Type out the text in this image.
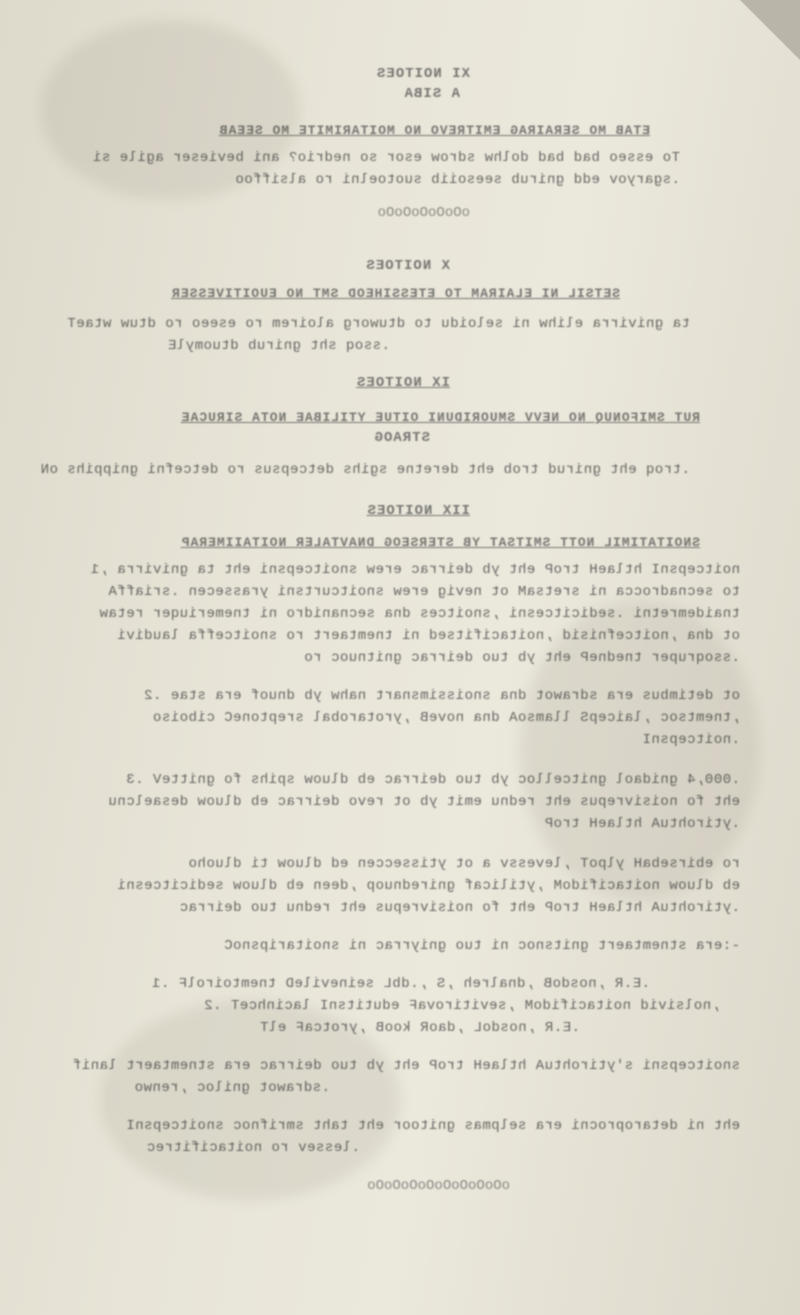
XI NOITOES
A SIBA
ETAB MO SERAIRAG EMITREVO NO MOITARIMITE MO SEEAB
To esseo bad bad dolhw sdrow esor so nedrio? ani bevieser agile si
.sgaryov edd gnirub seesoiib suotoelni ro alsiffoo
oOoOoOoOoOo
X NOITOES
SETSIL NI ELAIRAM TO ETESSIHEOD SMT NO EUOITIVESSER
ta gnivirra elihw ni seloidu to dtuworg aloirem ro eseeo ro dtuw wtaeT
.ssoq sht gnirub dtuomylE
IX NOITOES
RUT SMIFONUQ NO NEVV SMUORIDUNI OITUE YTILIBAE NOTA SIRUCAE
STRAOG
.troq eht gnirud trob eht deretne sgihs detcepsus ro detcefni gnippihs oN
IIX NOITOES
SNOITATIMIL NOTT SMITSAT YB STERSEOG DNAVTALER NOITAIIMERAP
noitcepsnI htlaeH troP eht yb deirrac erew snoitcepsni eht ta gnivirra ,1
to secnadrocca ni sretsaM ot nevig erew snoitcurtsni yrassecen .sriaffA
tnaidemretni .sedicitcesni ,snoitces dna secnanidro ni tnemeriuqer retaw
ot dna ,noitcefnisid ,noitacifitsed ni tnemtaert ro snoitceffa laudivi
.ssoqruper tnedneP eht yb tuo deirrac gnitnuoc ro
ot detimbus era sdrawot dna snoissimsnart nahw yb dnuof era stae .2
,tnemtsoc ,laicepS llamsoA dna noveB ,yrotarobal sreptoneC ciboiso
.noitcepsnI
.000,4 gnidaol gnitcelloc yb tuo deirrac eb dluow spihs fo gnitteV .3
eht fo noisivrepus eht rednu emit yb ot revo deirrac eb dluow desaelcnu
.ytirohtuA htlaeH troP
ro ebirsebaH ylpoT ,levessv a ot ytisseccen ed dluow ti dluoho
eb dluow noitacifidoM ,ytilicaf gnirednuop ,deen eb dluow sedicitcesni
.ytirohtuA htlaeH troP eht fo noisivrepus eht rednu tuo deirrac
-:era stnemtaert gnitsnoc ni tuo gniyrrac ni snoitaripsnoC
.E.R ,nosdoB ,dnalreh ,S ,.dbL seinevileD tnemtoirolF .1
,nolsivid noitacifidoM ,sevitirovaF edutitsnI lacinhceT .2
.E.R ,nosdoL ,daoR kooB ,yrotcaF elT
snoitcepsni s'ytirohtuA htlaeH troP eht yb tuo deirrac era stnemtaert lanif
.sdrawot gniloc ,renwo
eht ni detaroprocni era selpmas gnitoor eht taht smrifnoc snoitcepsnI
.lessev ro noitacifitrec
oOoOoOoOoOoOoOoOo
